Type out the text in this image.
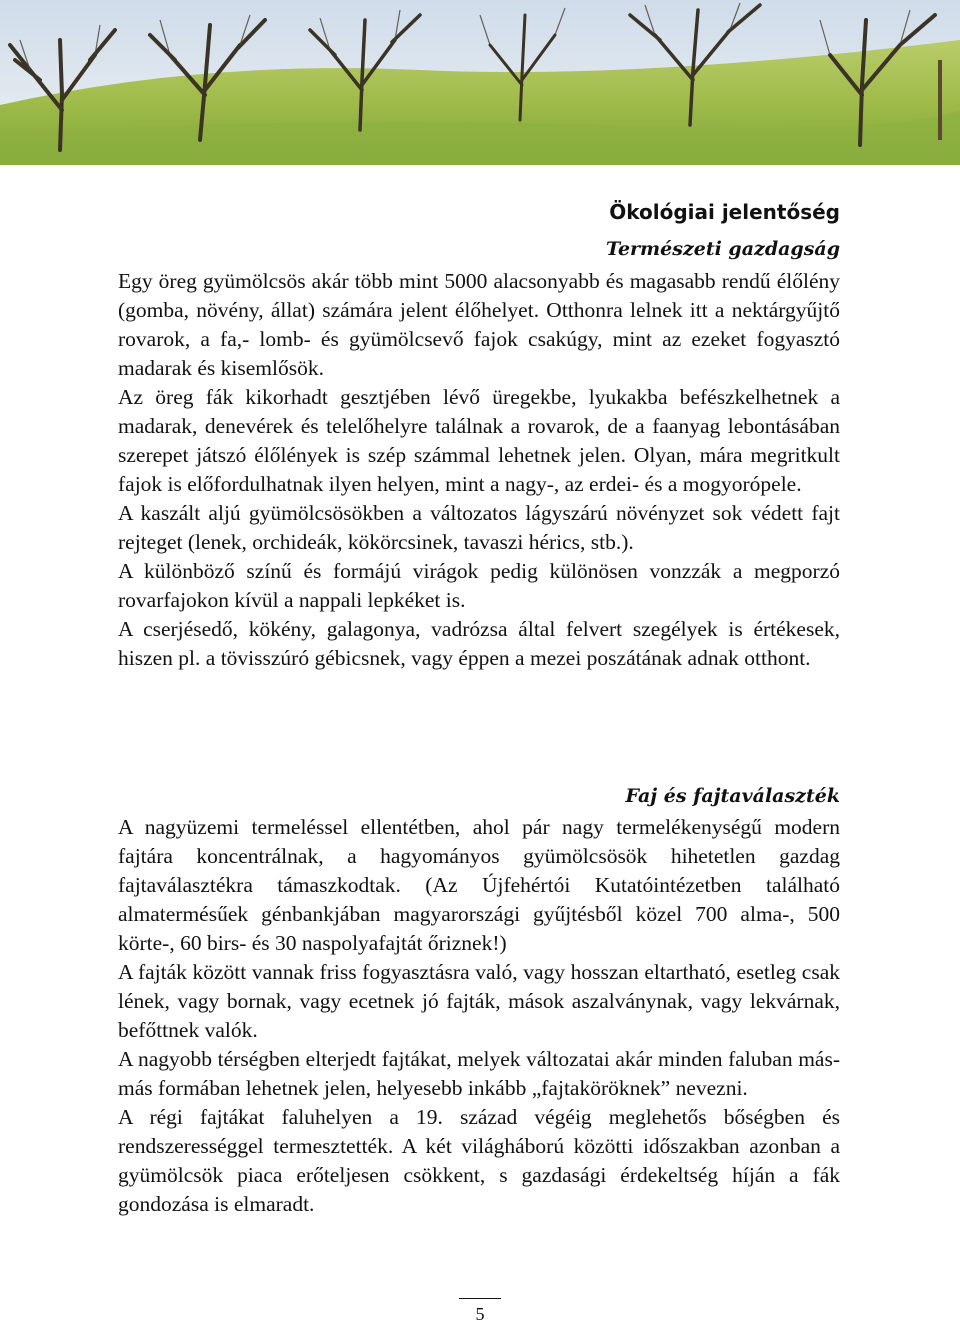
Ökológiai jelentőség
Természeti gazdagság

Egy öreg gyümölcsös akár több mint 5000 alacsonyabb és magasabb rendű élőlény (gomba, növény, állat) számára jelent élőhelyet. Otthonra lelnek itt a nektárgyűjtő rovarok, a fa,- lomb- és gyümölcsevő fajok csakúgy, mint az ezeket fogyasztó madarak és kisemlősök.

Az öreg fák kikorhadt gesztjében lévő üregekbe, lyukakba befészkelhetnek a madarak, denevérek és telelőhelyre találnak a rovarok, de a faanyag lebontásában szerepet játszó élőlények is szép számmal lehetnek jelen. Olyan, mára megritkult fajok is előfordulhatnak ilyen helyen, mint a nagy-, az erdei- és a mogyorópele.

A kaszált aljú gyümölcsösökben a változatos lágyszárú növényzet sok védett fajt rejteget (lenek, orchideák, kökörcsinek, tavaszi hérics, stb.).

A különböző színű és formájú virágok pedig különösen vonzzák a megporzó rovarfajokon kívül a nappali lepkéket is.

A cserjésedő, kökény, galagonya, vadrózsa által felvert szegélyek is értékesek, hiszen pl. a tövisszúró gébicsnek, vagy éppen a mezei poszátának adnak otthont.

Faj és fajtaválaszték

A nagyüzemi termeléssel ellentétben, ahol pár nagy termelékenységű modern fajtára koncentrálnak, a hagyományos gyümölcsösök hihetetlen gazdag fajtaválasztékra támaszkodtak. (Az Újfehértói Kutatóintézetben található almatermésűek génbankjában magyarországi gyűjtésből közel 700 alma-, 500 körte-, 60 birs- és 30 naspolyafajtát őriznek!)

A fajták között vannak friss fogyasztásra való, vagy hosszan eltartható, esetleg csak lének, vagy bornak, vagy ecetnek jó fajták, mások aszalványnak, vagy lekvárnak, befőttnek valók.

A nagyobb térségben elterjedt fajtákat, melyek változatai akár minden faluban más-más formában lehetnek jelen, helyesebb inkább „fajtaköröknek” nevezni.

A régi fajtákat faluhelyen a 19. század végéig meglehetős bőségben és rendszerességgel termesztették. A két világháború közötti időszakban azonban a gyümölcsök piaca erőteljesen csökkent, s gazdasági érdekeltség híján a fák gondozása is elmaradt.

5
